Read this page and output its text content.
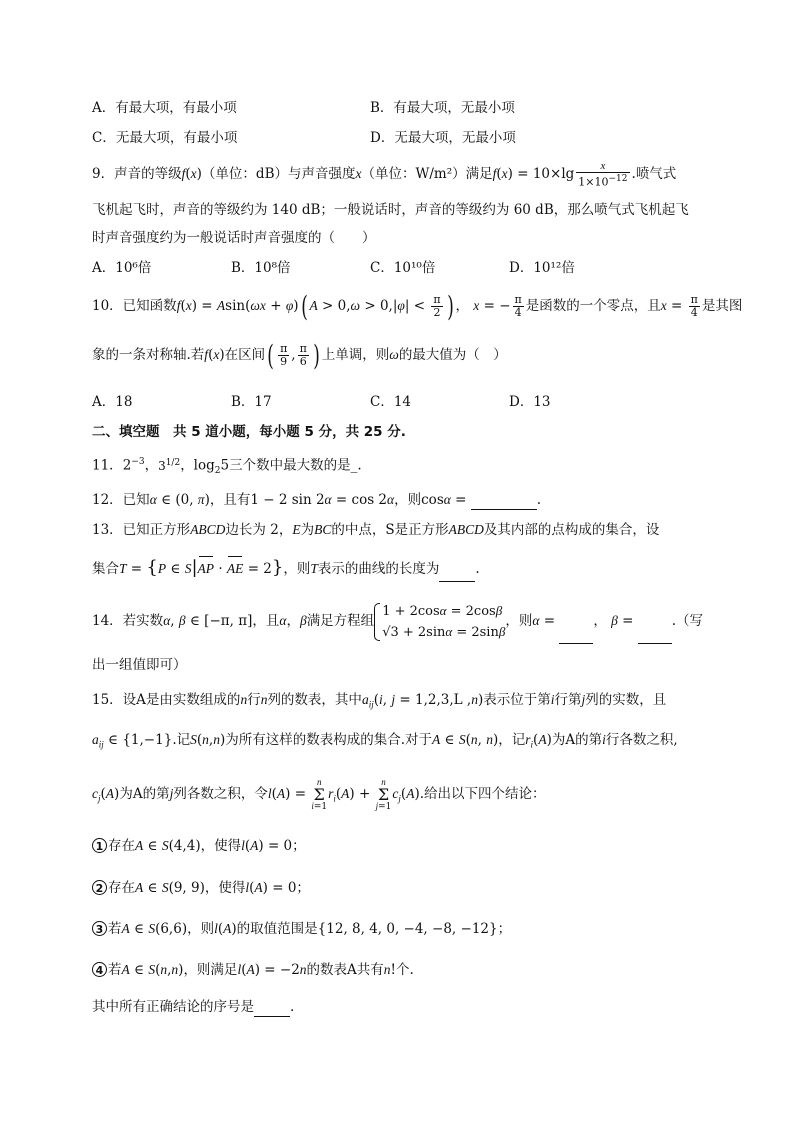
A．有最大项，有最小项	B．有最大项，无最小项
C．无最大项，有最小项	D．无最大项，无最小项
9．声音的等级f(x)（单位：dB）与声音强度x（单位：W/m²）满足$f(x) = 10\times\lg \frac{x}{1\times 10^{-12}}$ .喷气式
飞机起飞时，声音的等级约为 140 dB；一般说话时，声音的等级约为 60 dB，那么喷气式飞机起飞
时声音强度约为一般说话时声音强度的（　　）
A．10⁶倍	B．10⁸倍	C．10¹⁰倍	D．10¹²倍
10．已知函数f(x) = Asin(ωx + φ)( $A > 0,\omega > 0,|\varphi| < \frac{\pi}{2}$ ) ， x = − $\frac{\pi}{4}$ 是函数的一个零点，且$x = \frac{\pi}{4}$ 是其图
象的一条对称轴.若f(x)在区间( $\frac{\pi}{9}$ , $\frac{\pi}{6}$ ) 上单调，则ω的最大值为（　）
A．18	B．17	C．14	D．13
二、填空题　共 5 道小题，每小题 5 分，共 25 分.
11．$2^{-3}$，$3^{1/2}$，$\log_25$三个数中最大数的是_.
12．已知α ∈ (0, π)，且有1 − 2 sin 2α = cos 2α，则cosα =	.
13．已知正方形ABCD边长为 2，E为BC的中点，S是正方形ABCD及其内部的点构成的集合，设
集合T = {P ∈ S|AP · AE = 2}，则T表示的曲线的长度为	.
14．若实数α, β ∈ [−π, π]，且α，β满足方程组1 + 2cosα = 2cosβ
√3 + 2sinα = 2sinβ，则α =	， β =	.（写
出一组值即可）
15．设A是由实数组成的n行n列的数表，其中$a_{ij}(i$, j = 1,2,3,L ,n)表示位于第i行第j列的实数，且
$a_{ij}$ ∈ {1,−1}.记S(n,n)为所有这样的数表构成的集合.对于A ∈ S(n, n)，记$r_i(A)$为A的第i行各数之积,
$c_j(A)$为A的第j列各数之积，令l(A) = n
Σ
$i=1r_i(A) + n$
Σ
$j=1c_j(A)$.给出以下四个结论：
1 存在A ∈ S(4,4)，使得l(A) = 0；
2 存在A ∈ S(9, 9)，使得l(A) = 0；
3 若A ∈ S(6,6)，则l(A)的取值范围是{12, 8, 4, 0, −4, −8, −12}；
4 若A ∈ S(n,n)，则满足l(A) = −2n的数表A共有n!个.
其中所有正确结论的序号是	.
